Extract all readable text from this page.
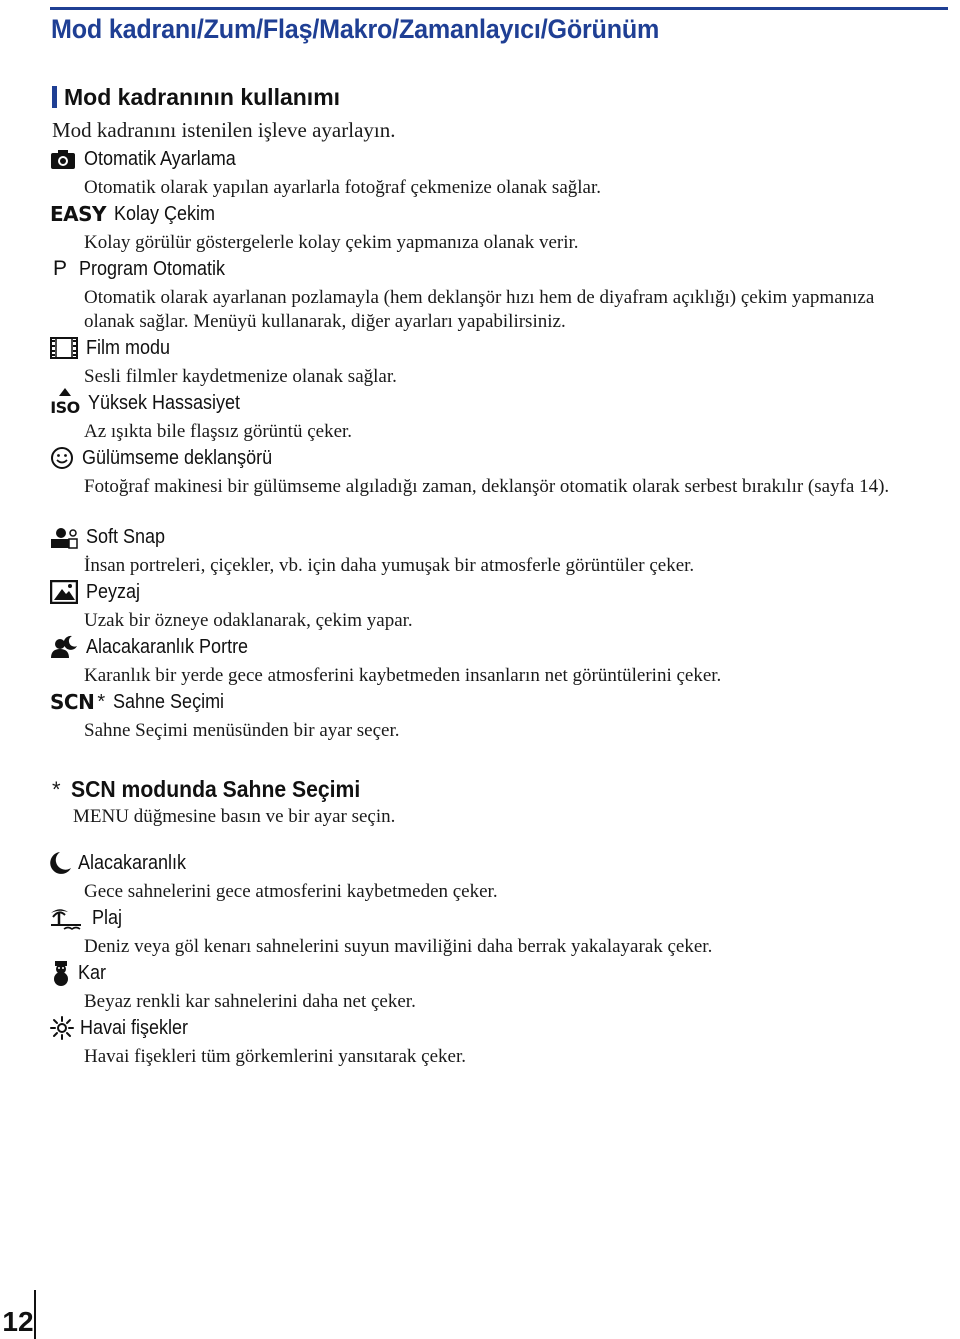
Mod kadranı/Zum/Flaş/Makro/Zamanlayıcı/Görünüm
Mod kadranının kullanımı
Mod kadranını istenilen işleve ayarlayın.
Otomatik Ayarlama
Otomatik olarak yapılan ayarlarla fotoğraf çekmenize olanak sağlar.
EASY Kolay Çekim
Kolay görülür göstergelerle kolay çekim yapmanıza olanak verir.
P Program Otomatik
Otomatik olarak ayarlanan pozlamayla (hem deklanşör hızı hem de diyafram açıklığı) çekim yapmanıza olanak sağlar. Menüyü kullanarak, diğer ayarları yapabilirsiniz.
Film modu
Sesli filmler kaydetmenize olanak sağlar.
ISO Yüksek Hassasiyet
Az ışıkta bile flaşsız görüntü çeker.
Gülümseme deklanşörü
Fotoğraf makinesi bir gülümseme algıladığı zaman, deklanşör otomatik olarak serbest bırakılır (sayfa 14).
Soft Snap
İnsan portreleri, çiçekler, vb. için daha yumuşak bir atmosferle görüntüler çeker.
Peyzaj
Uzak bir özneye odaklanarak, çekim yapar.
Alacakaranlık Portre
Karanlık bir yerde gece atmosferini kaybetmeden insanların net görüntülerini çeker.
SCN * Sahne Seçimi
Sahne Seçimi menüsünden bir ayar seçer.
* SCN modunda Sahne Seçimi
MENU düğmesine basın ve bir ayar seçin.
Alacakaranlık
Gece sahnelerini gece atmosferini kaybetmeden çeker.
Plaj
Deniz veya göl kenarı sahnelerini suyun maviliğini daha berrak yakalayarak çeker.
Kar
Beyaz renkli kar sahnelerini daha net çeker.
Havai fişekler
Havai fişekleri tüm görkemlerini yansıtarak çeker.
12
